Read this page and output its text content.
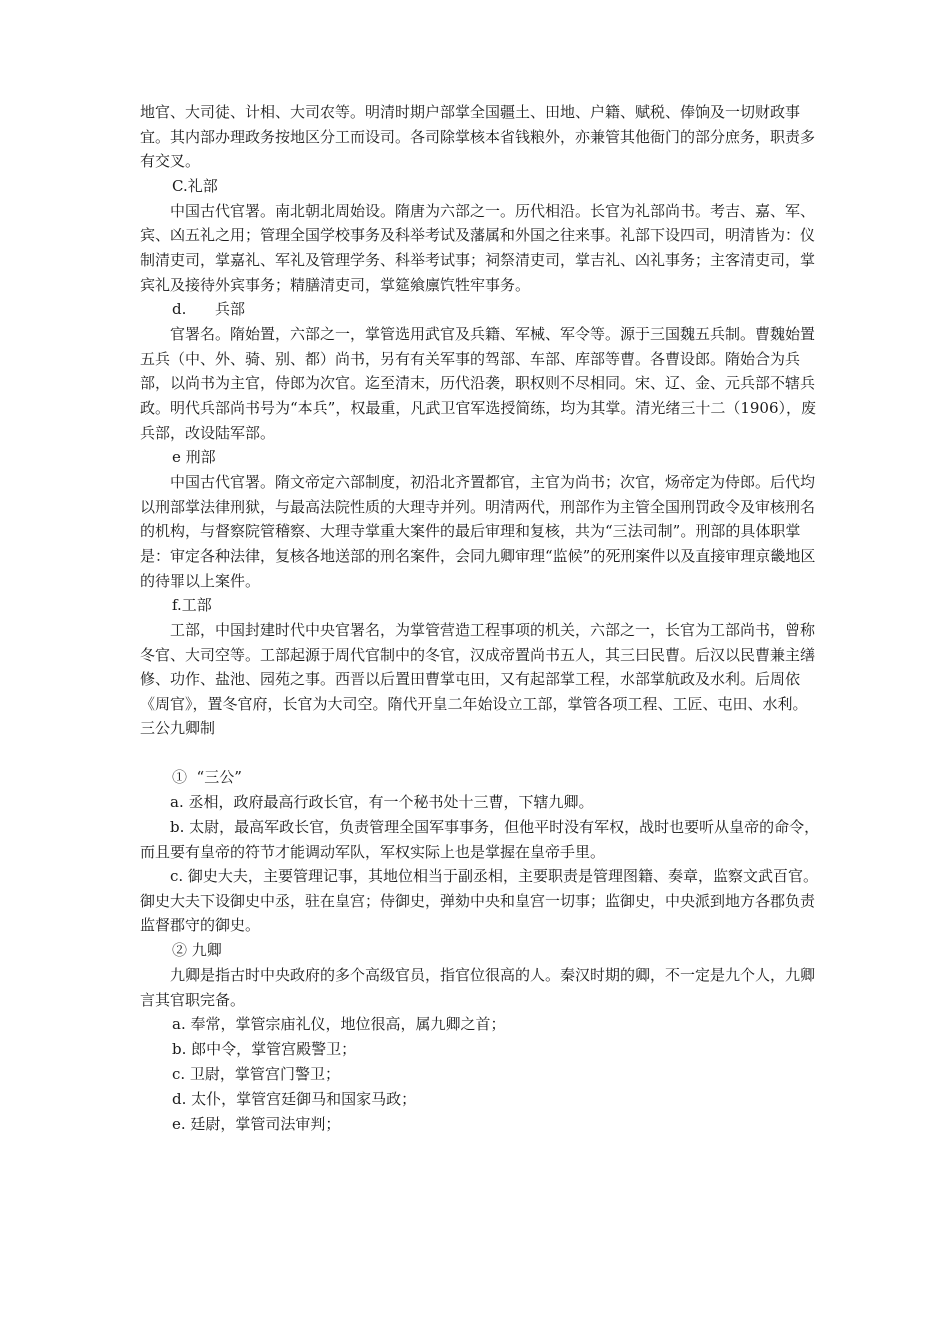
地官、大司徒、计相、大司农等。明清时期户部掌全国疆土、田地、户籍、赋税、俸饷及一切财政事宜。其内部办理政务按地区分工而设司。各司除掌核本省钱粮外，亦兼管其他衙门的部分庶务，职责多有交叉。

C.礼部

中国古代官署。南北朝北周始设。隋唐为六部之一。历代相沿。长官为礼部尚书。考吉、嘉、军、宾、凶五礼之用；管理全国学校事务及科举考试及藩属和外国之往来事。礼部下设四司，明清皆为：仪制清吏司，掌嘉礼、军礼及管理学务、科举考试事；祠祭清吏司，掌吉礼、凶礼事务；主客清吏司，掌宾礼及接待外宾事务；精膳清吏司，掌筵飨廪饩牲牢事务。

d.      兵部

官署名。隋始置，六部之一，掌管选用武官及兵籍、军械、军令等。源于三国魏五兵制。曹魏始置五兵（中、外、骑、别、都）尚书，另有有关军事的驾部、车部、库部等曹。各曹设郎。隋始合为兵部，以尚书为主官，侍郎为次官。迄至清末，历代沿袭，职权则不尽相同。宋、辽、金、元兵部不辖兵政。明代兵部尚书号为“本兵”，权最重，凡武卫官军选授简练，均为其掌。清光绪三十二（1906），废兵部，改设陆军部。

e 刑部

中国古代官署。隋文帝定六部制度，初沿北齐置都官，主官为尚书；次官，炀帝定为侍郎。后代均以刑部掌法律刑狱，与最高法院性质的大理寺并列。明清两代，刑部作为主管全国刑罚政令及审核刑名的机构，与督察院管稽察、大理寺掌重大案件的最后审理和复核，共为“三法司制”。刑部的具体职掌是：审定各种法律，复核各地送部的刑名案件，会同九卿审理“监候”的死刑案件以及直接审理京畿地区的待罪以上案件。

f.工部

工部，中国封建时代中央官署名，为掌管营造工程事项的机关，六部之一，长官为工部尚书，曾称冬官、大司空等。工部起源于周代官制中的冬官，汉成帝置尚书五人，其三曰民曹。后汉以民曹兼主缮修、功作、盐池、园苑之事。西晋以后置田曹掌屯田，又有起部掌工程，水部掌航政及水利。后周依《周官》，置冬官府，长官为大司空。隋代开皇二年始设立工部，掌管各项工程、工匠、屯田、水利。

三公九卿制

①  “三公”

a. 丞相，政府最高行政长官，有一个秘书处十三曹，下辖九卿。

b. 太尉，最高军政长官，负责管理全国军事事务，但他平时没有军权，战时也要听从皇帝的命令，而且要有皇帝的符节才能调动军队，军权实际上也是掌握在皇帝手里。

c. 御史大夫，主要管理记事，其地位相当于副丞相，主要职责是管理图籍、奏章，监察文武百官。御史大夫下设御史中丞，驻在皇宫；侍御史，弹劾中央和皇宫一切事；监御史，中央派到地方各郡负责监督郡守的御史。

② 九卿

九卿是指古时中央政府的多个高级官员，指官位很高的人。秦汉时期的卿，不一定是九个人，九卿言其官职完备。

a. 奉常，掌管宗庙礼仪，地位很高，属九卿之首；

b. 郎中令，掌管宫殿警卫；

c. 卫尉，掌管宫门警卫；

d. 太仆，掌管宫廷御马和国家马政；

e. 廷尉，掌管司法审判；
